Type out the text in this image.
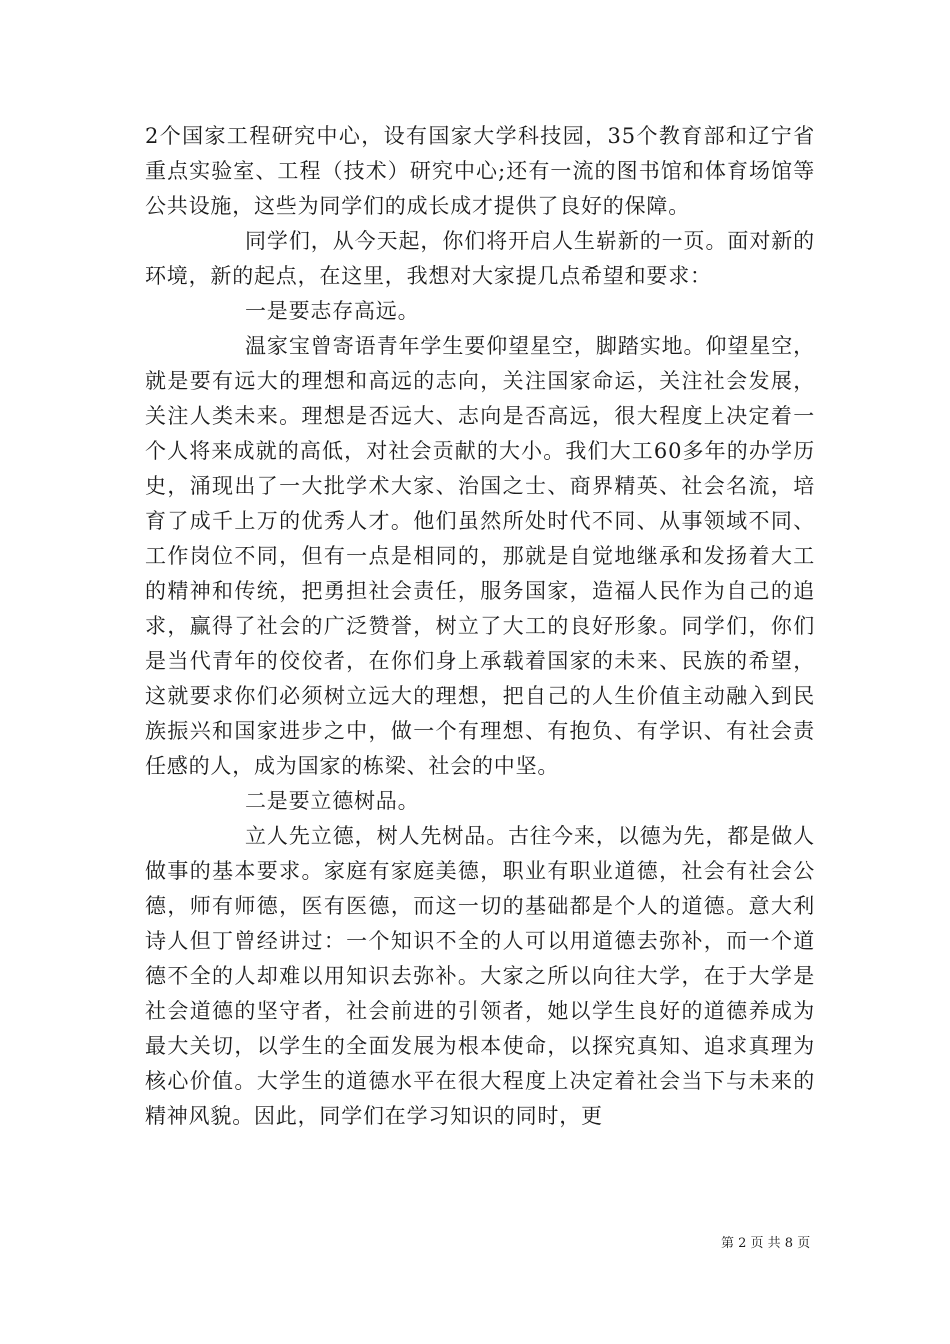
2个国家工程研究中心，设有国家大学科技园，35个教育部和辽宁省重点实验室、工程（技术）研究中心;还有一流的图书馆和体育场馆等公共设施，这些为同学们的成长成才提供了良好的保障。

同学们，从今天起，你们将开启人生崭新的一页。面对新的环境，新的起点，在这里，我想对大家提几点希望和要求：

一是要志存高远。

温家宝曾寄语青年学生要仰望星空，脚踏实地。仰望星空，就是要有远大的理想和高远的志向，关注国家命运，关注社会发展，关注人类未来。理想是否远大、志向是否高远，很大程度上决定着一个人将来成就的高低，对社会贡献的大小。我们大工60多年的办学历史，涌现出了一大批学术大家、治国之士、商界精英、社会名流，培育了成千上万的优秀人才。他们虽然所处时代不同、从事领域不同、工作岗位不同，但有一点是相同的，那就是自觉地继承和发扬着大工的精神和传统，把勇担社会责任，服务国家，造福人民作为自己的追求，赢得了社会的广泛赞誉，树立了大工的良好形象。同学们，你们是当代青年的佼佼者，在你们身上承载着国家的未来、民族的希望，这就要求你们必须树立远大的理想，把自己的人生价值主动融入到民族振兴和国家进步之中，做一个有理想、有抱负、有学识、有社会责任感的人，成为国家的栋梁、社会的中坚。

二是要立德树品。

立人先立德，树人先树品。古往今来，以德为先，都是做人做事的基本要求。家庭有家庭美德，职业有职业道德，社会有社会公德，师有师德，医有医德，而这一切的基础都是个人的道德。意大利诗人但丁曾经讲过：一个知识不全的人可以用道德去弥补，而一个道德不全的人却难以用知识去弥补。大家之所以向往大学，在于大学是社会道德的坚守者，社会前进的引领者，她以学生良好的道德养成为最大关切，以学生的全面发展为根本使命，以探究真知、追求真理为核心价值。大学生的道德水平在很大程度上决定着社会当下与未来的精神风貌。因此，同学们在学习知识的同时，更

第 2 页 共 8 页
